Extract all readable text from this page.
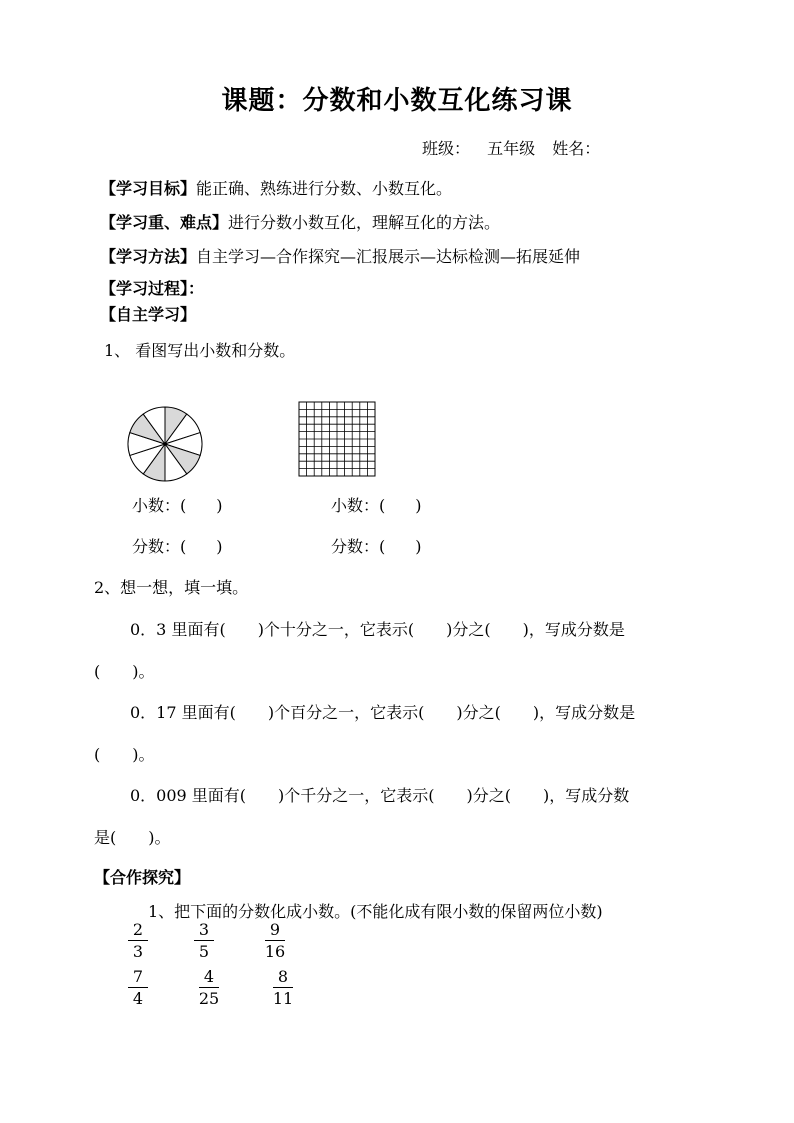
课题：分数和小数互化练习课
班级： 五年级 姓名：
【学习目标】能正确、熟练进行分数、小数互化。
【学习重、难点】进行分数小数互化，理解互化的方法。
【学习方法】自主学习—合作探究—汇报展示—达标检测—拓展延伸
【学习过程】：
【自主学习】
1、 看图写出小数和分数。
小数：( )
分数：( )
小数：( )
分数：( )
2、想一想，填一填。
0．3 里面有(　　)个十分之一，它表示(　　)分之(　　)，写成分数是
(　　)。
0．17 里面有(　　)个百分之一，它表示(　　)分之(　　)，写成分数是
(　　)。
0．009 里面有(　　)个千分之一，它表示(　　)分之(　　)，写成分数
是(　　)。
【合作探究】
1、把下面的分数化成小数。(不能化成有限小数的保留两位小数)
2
3
3
5
9
16
7
4
4
25
8
11
